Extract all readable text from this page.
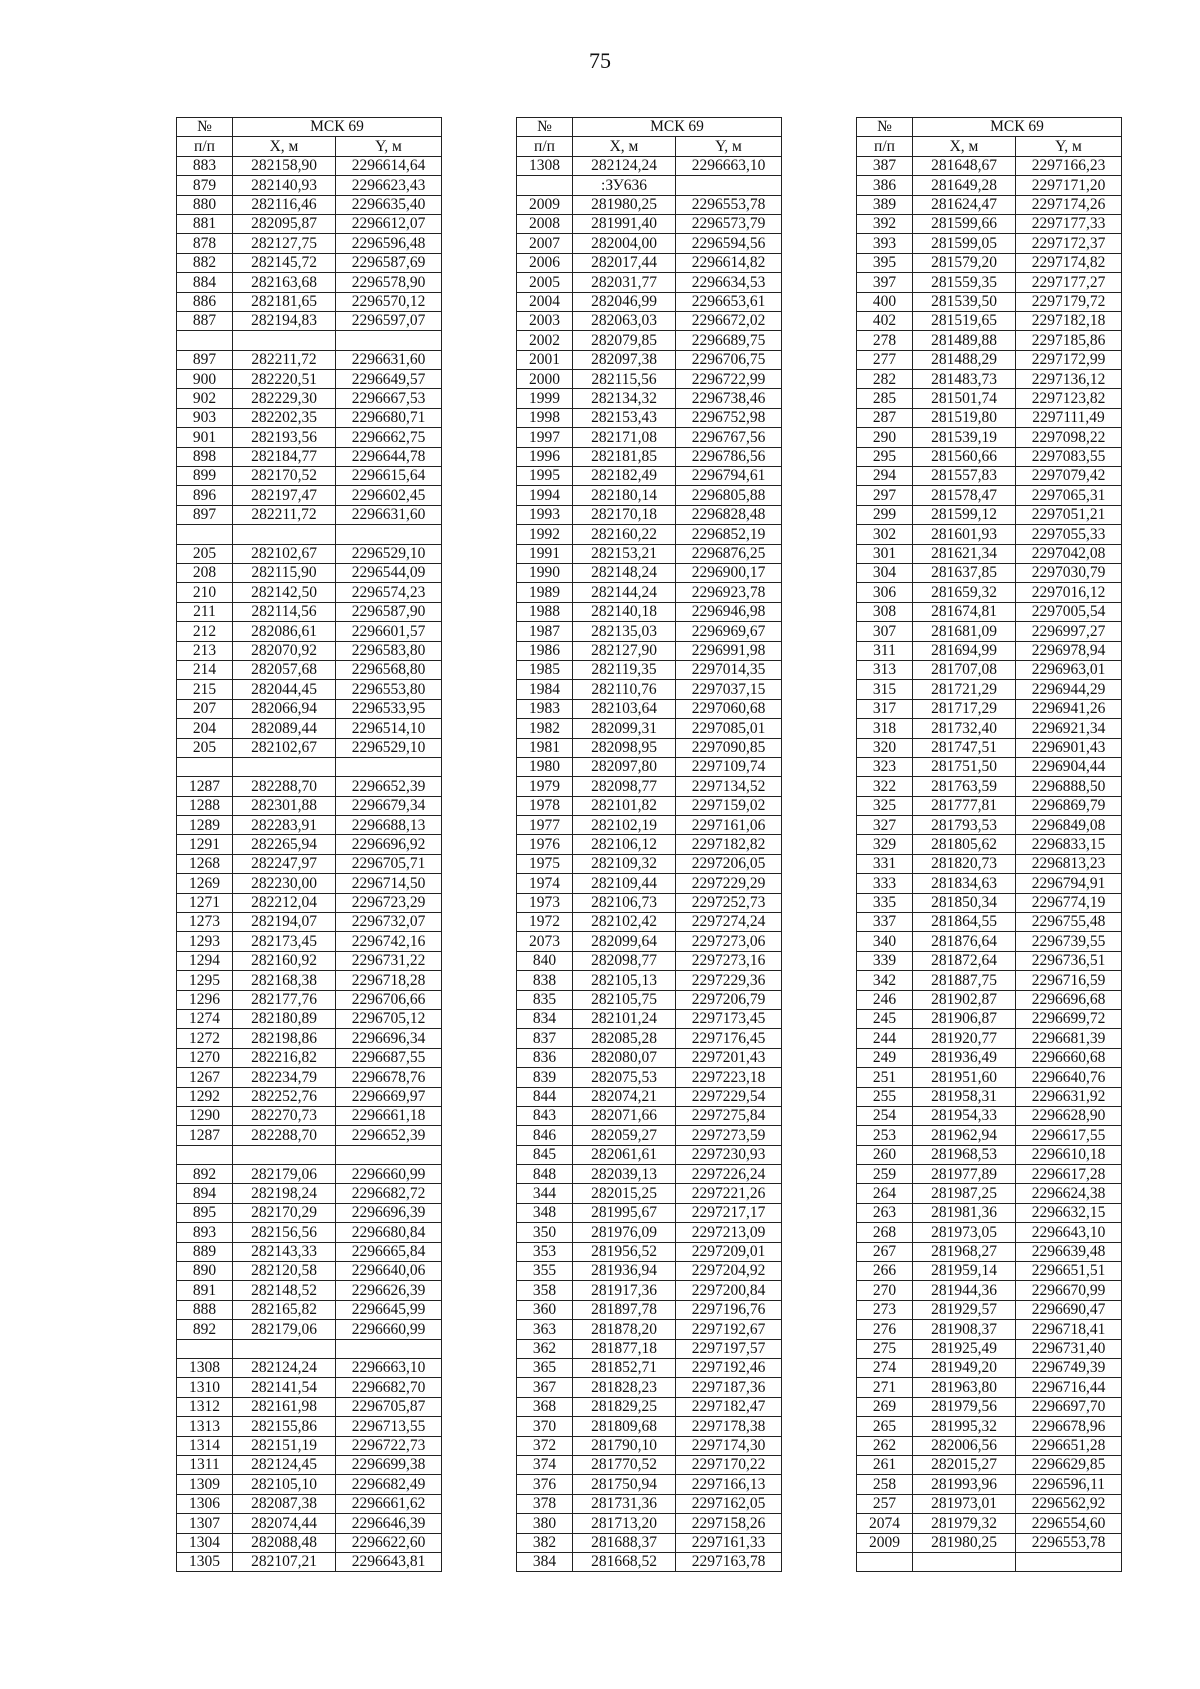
75
№	МСК 69	
п/п	X, м	Y, м
883	282158,90	2296614,64
879	282140,93	2296623,43
880	282116,46	2296635,40
881	282095,87	2296612,07
878	282127,75	2296596,48
882	282145,72	2296587,69
884	282163,68	2296578,90
886	282181,65	2296570,12
887	282194,83	2296597,07

897	282211,72	2296631,60
900	282220,51	2296649,57
902	282229,30	2296667,53
903	282202,35	2296680,71
901	282193,56	2296662,75
898	282184,77	2296644,78
899	282170,52	2296615,64
896	282197,47	2296602,45
897	282211,72	2296631,60

205	282102,67	2296529,10
208	282115,90	2296544,09
210	282142,50	2296574,23
211	282114,56	2296587,90
212	282086,61	2296601,57
213	282070,92	2296583,80
214	282057,68	2296568,80
215	282044,45	2296553,80
207	282066,94	2296533,95
204	282089,44	2296514,10
205	282102,67	2296529,10

1287	282288,70	2296652,39
1288	282301,88	2296679,34
1289	282283,91	2296688,13
1291	282265,94	2296696,92
1268	282247,97	2296705,71
1269	282230,00	2296714,50
1271	282212,04	2296723,29
1273	282194,07	2296732,07
1293	282173,45	2296742,16
1294	282160,92	2296731,22
1295	282168,38	2296718,28
1296	282177,76	2296706,66
1274	282180,89	2296705,12
1272	282198,86	2296696,34
1270	282216,82	2296687,55
1267	282234,79	2296678,76
1292	282252,76	2296669,97
1290	282270,73	2296661,18
1287	282288,70	2296652,39

892	282179,06	2296660,99
894	282198,24	2296682,72
895	282170,29	2296696,39
893	282156,56	2296680,84
889	282143,33	2296665,84
890	282120,58	2296640,06
891	282148,52	2296626,39
888	282165,82	2296645,99
892	282179,06	2296660,99

1308	282124,24	2296663,10
1310	282141,54	2296682,70
1312	282161,98	2296705,87
1313	282155,86	2296713,55
1314	282151,19	2296722,73
1311	282124,45	2296699,38
1309	282105,10	2296682,49
1306	282087,38	2296661,62
1307	282074,44	2296646,39
1304	282088,48	2296622,60
1305	282107,21	2296643,81
№	МСК 69	
п/п	X, м	Y, м
1308	282124,24	2296663,10
	:ЗУ636	
2009	281980,25	2296553,78
2008	281991,40	2296573,79
2007	282004,00	2296594,56
2006	282017,44	2296614,82
2005	282031,77	2296634,53
2004	282046,99	2296653,61
2003	282063,03	2296672,02
2002	282079,85	2296689,75
2001	282097,38	2296706,75
2000	282115,56	2296722,99
1999	282134,32	2296738,46
1998	282153,43	2296752,98
1997	282171,08	2296767,56
1996	282181,85	2296786,56
1995	282182,49	2296794,61
1994	282180,14	2296805,88
1993	282170,18	2296828,48
1992	282160,22	2296852,19
1991	282153,21	2296876,25
1990	282148,24	2296900,17
1989	282144,24	2296923,78
1988	282140,18	2296946,98
1987	282135,03	2296969,67
1986	282127,90	2296991,98
1985	282119,35	2297014,35
1984	282110,76	2297037,15
1983	282103,64	2297060,68
1982	282099,31	2297085,01
1981	282098,95	2297090,85
1980	282097,80	2297109,74
1979	282098,77	2297134,52
1978	282101,82	2297159,02
1977	282102,19	2297161,06
1976	282106,12	2297182,82
1975	282109,32	2297206,05
1974	282109,44	2297229,29
1973	282106,73	2297252,73
1972	282102,42	2297274,24
2073	282099,64	2297273,06
840	282098,77	2297273,16
838	282105,13	2297229,36
835	282105,75	2297206,79
834	282101,24	2297173,45
837	282085,28	2297176,45
836	282080,07	2297201,43
839	282075,53	2297223,18
844	282074,21	2297229,54
843	282071,66	2297275,84
846	282059,27	2297273,59
845	282061,61	2297230,93
848	282039,13	2297226,24
344	282015,25	2297221,26
348	281995,67	2297217,17
350	281976,09	2297213,09
353	281956,52	2297209,01
355	281936,94	2297204,92
358	281917,36	2297200,84
360	281897,78	2297196,76
363	281878,20	2297192,67
362	281877,18	2297197,57
365	281852,71	2297192,46
367	281828,23	2297187,36
368	281829,25	2297182,47
370	281809,68	2297178,38
372	281790,10	2297174,30
374	281770,52	2297170,22
376	281750,94	2297166,13
378	281731,36	2297162,05
380	281713,20	2297158,26
382	281688,37	2297161,33
384	281668,52	2297163,78
№	МСК 69	
п/п	X, м	Y, м
387	281648,67	2297166,23
386	281649,28	2297171,20
389	281624,47	2297174,26
392	281599,66	2297177,33
393	281599,05	2297172,37
395	281579,20	2297174,82
397	281559,35	2297177,27
400	281539,50	2297179,72
402	281519,65	2297182,18
278	281489,88	2297185,86
277	281488,29	2297172,99
282	281483,73	2297136,12
285	281501,74	2297123,82
287	281519,80	2297111,49
290	281539,19	2297098,22
295	281560,66	2297083,55
294	281557,83	2297079,42
297	281578,47	2297065,31
299	281599,12	2297051,21
302	281601,93	2297055,33
301	281621,34	2297042,08
304	281637,85	2297030,79
306	281659,32	2297016,12
308	281674,81	2297005,54
307	281681,09	2296997,27
311	281694,99	2296978,94
313	281707,08	2296963,01
315	281721,29	2296944,29
317	281717,29	2296941,26
318	281732,40	2296921,34
320	281747,51	2296901,43
323	281751,50	2296904,44
322	281763,59	2296888,50
325	281777,81	2296869,79
327	281793,53	2296849,08
329	281805,62	2296833,15
331	281820,73	2296813,23
333	281834,63	2296794,91
335	281850,34	2296774,19
337	281864,55	2296755,48
340	281876,64	2296739,55
339	281872,64	2296736,51
342	281887,75	2296716,59
246	281902,87	2296696,68
245	281906,87	2296699,72
244	281920,77	2296681,39
249	281936,49	2296660,68
251	281951,60	2296640,76
255	281958,31	2296631,92
254	281954,33	2296628,90
253	281962,94	2296617,55
260	281968,53	2296610,18
259	281977,89	2296617,28
264	281987,25	2296624,38
263	281981,36	2296632,15
268	281973,05	2296643,10
267	281968,27	2296639,48
266	281959,14	2296651,51
270	281944,36	2296670,99
273	281929,57	2296690,47
276	281908,37	2296718,41
275	281925,49	2296731,40
274	281949,20	2296749,39
271	281963,80	2296716,44
269	281979,56	2296697,70
265	281995,32	2296678,96
262	282006,56	2296651,28
261	282015,27	2296629,85
258	281993,96	2296596,11
257	281973,01	2296562,92
2074	281979,32	2296554,60
2009	281980,25	2296553,78
